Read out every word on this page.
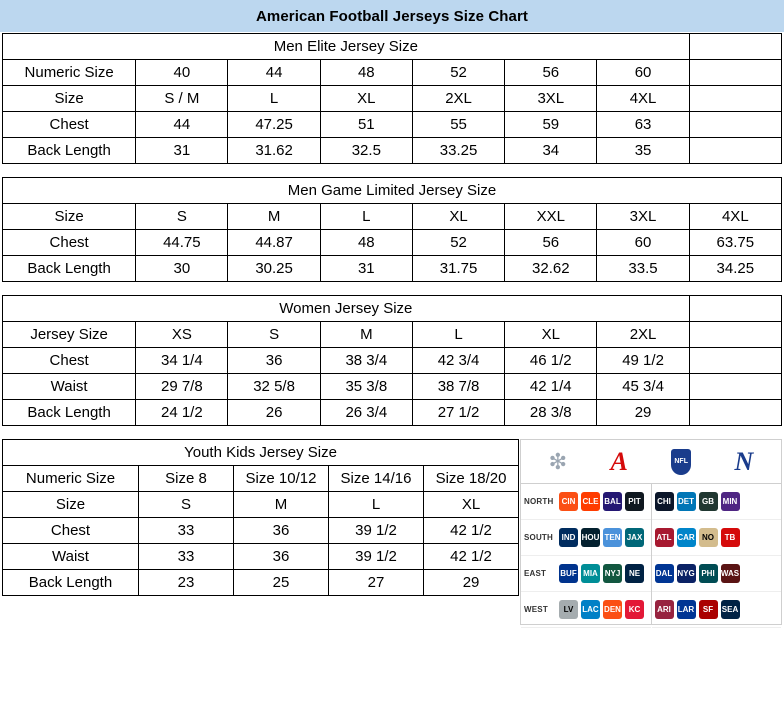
American Football Jerseys Size Chart
Men Elite Jersey Size							
Numeric Size	40	44	48	52	56	60	
Size	S / M	L	XL	2XL	3XL	4XL	
Chest	44	47.25	51	55	59	63	
Back Length	31	31.62	32.5	33.25	34	35	
Men Game Limited Jersey Size							
Size	S	M	L	XL	XXL	3XL	4XL
Chest	44.75	44.87	48	52	56	60	63.75
Back Length	30	30.25	31	31.75	32.62	33.5	34.25
Women Jersey Size							
Jersey Size	XS	S	M	L	XL	2XL	
Chest	34 1/4	36	38 3/4	42 3/4	46 1/2	49 1/2	
Waist	29 7/8	32 5/8	35 3/8	38 7/8	42 1/4	45 3/4	
Back Length	24 1/2	26	26 3/4	27 1/2	28 3/8	29	
Youth Kids Jersey Size				
Numeric Size	Size 8	Size 10/12	Size 14/16	Size 18/20
Size	S	M	L	XL
Chest	33	36	39 1/2	42 1/2
Waist	33	36	39 1/2	42 1/2
Back Length	23	25	27	29
❇ A	NFL N
NORTH	CIN CLE BAL PIT
SOUTH	IND HOU TEN JAX
EAST	BUF MIA NYJ	NE
WEST	LV	LAC DEN KC
CHI DET	GB	MIN
ATL CAR NO	TB
DAL NYG PHI WAS
ARI LAR	SF	SEA
